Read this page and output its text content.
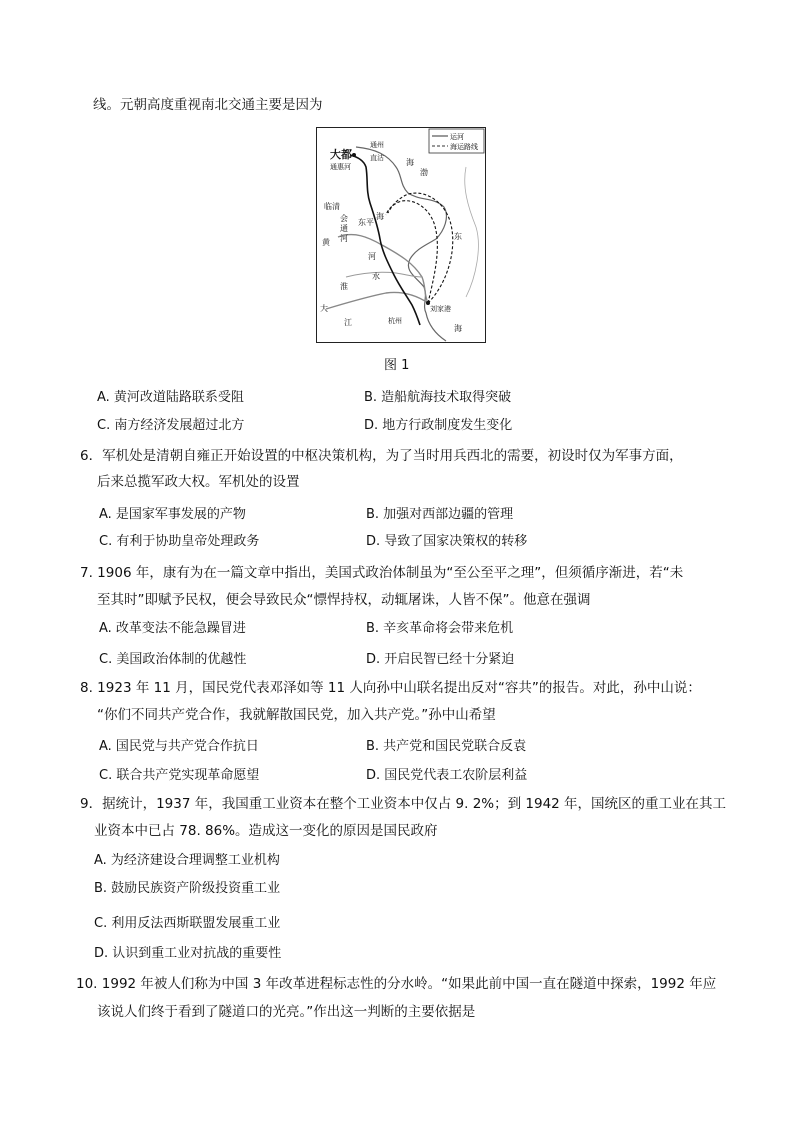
线。元朝高度重视南北交通主要是因为
运河
海运路线
大都
通州
直沽
通惠河	海
渤
海
临清
会
通
河
东平
黄
河
水
淮
大
江
刘家港
杭州
东
海
图 1
A. 黄河改道陆路联系受阻	B. 造船航海技术取得突破
C. 南方经济发展超过北方	D. 地方行政制度发生变化
6．军机处是清朝自雍正开始设置的中枢决策机构，为了当时用兵西北的需要，初设时仅为军事方面，
后来总揽军政大权。军机处的设置
A. 是国家军事发展的产物	B. 加强对西部边疆的管理
C. 有利于协助皇帝处理政务	D. 导致了国家决策权的转移
7. 1906 年，康有为在一篇文章中指出，美国式政治体制虽为“至公至平之理”，但须循序渐进，若“未
至其时”即赋予民权，便会导致民众“慓悍持权，动辄屠诛，人皆不保”。他意在强调
A. 改革变法不能急躁冒进	B. 辛亥革命将会带来危机
C. 美国政治体制的优越性	D. 开启民智已经十分紧迫
8. 1923 年 11 月，国民党代表邓泽如等 11 人向孙中山联名提出反对“容共”的报告。对此，孙中山说：
“你们不同共产党合作，我就解散国民党，加入共产党。”孙中山希望
A. 国民党与共产党合作抗日	B. 共产党和国民党联合反袁
C. 联合共产党实现革命愿望	D. 国民党代表工农阶层利益
9．据统计，1937 年，我国重工业资本在整个工业资本中仅占 9. 2%；到 1942 年，国统区的重工业在其工
业资本中已占 78. 86%。造成这一变化的原因是国民政府
A. 为经济建设合理调整工业机构
B. 鼓励民族资产阶级投资重工业
C. 利用反法西斯联盟发展重工业
D. 认识到重工业对抗战的重要性
10. 1992 年被人们称为中国 3 年改革进程标志性的分水岭。“如果此前中国一直在隧道中探索，1992 年应
该说人们终于看到了隧道口的光亮。”作出这一判断的主要依据是
